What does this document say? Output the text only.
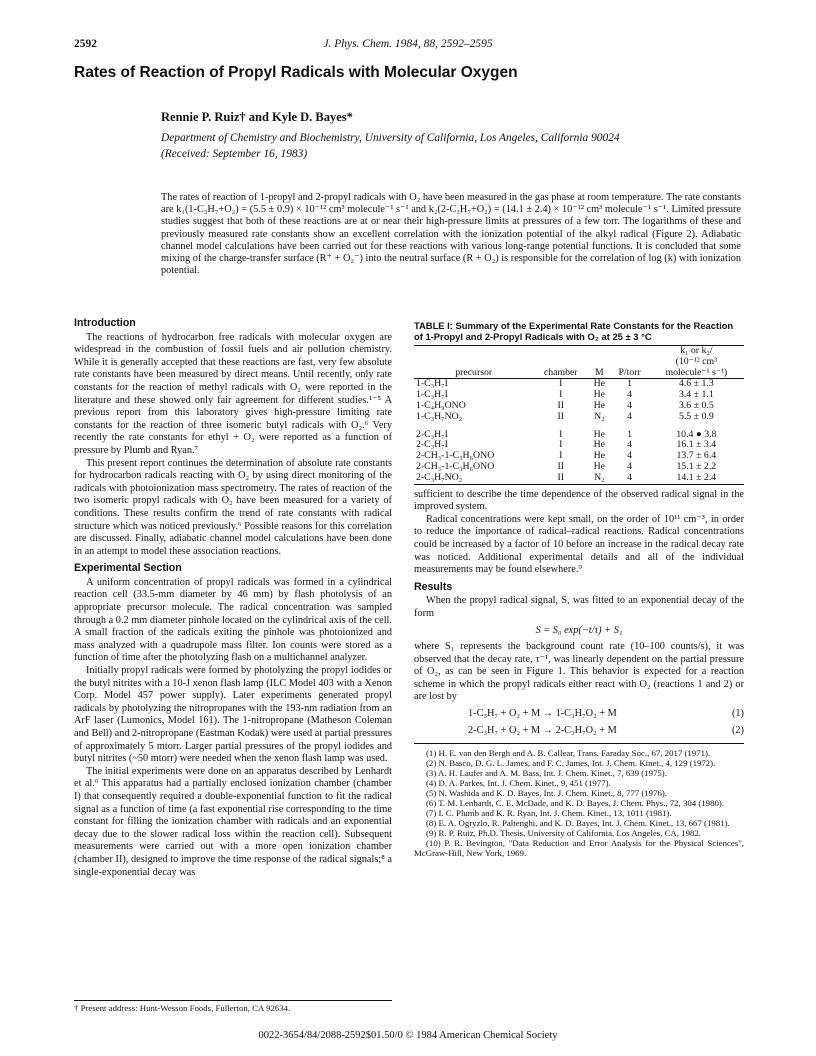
2592	J. Phys. Chem. 1984, 88, 2592–2595
Rates of Reaction of Propyl Radicals with Molecular Oxygen
Rennie P. Ruiz† and Kyle D. Bayes*
Department of Chemistry and Biochemistry, University of California, Los Angeles, California 90024
(Received: September 16, 1983)
The rates of reaction of 1-propyl and 2-propyl radicals with O₂ have been measured in the gas phase at room temperature. The rate constants are k₁(1-C₃H₇+O₂) = (5.5 ± 0.9) × 10⁻¹² cm³ molecule⁻¹ s⁻¹ and k₂(2-C₃H₇+O₂) = (14.1 ± 2.4) × 10⁻¹² cm³ molecule⁻¹ s⁻¹. Limited pressure studies suggest that both of these reactions are at or near their high-pressure limits at pressures of a few torr. The logarithms of these and previously measured rate constants show an excellent correlation with the ionization potential of the alkyl radical (Figure 2). Adiabatic channel model calculations have been carried out for these reactions with various long-range potential functions. It is concluded that some mixing of the charge-transfer surface (R⁺ + O₂⁻) into the neutral surface (R + O₂) is responsible for the correlation of log (k) with ionization potential.
Introduction

The reactions of hydrocarbon free radicals with molecular oxygen are widespread in the combustion of fossil fuels and air pollution chemistry. While it is generally accepted that these reactions are fast, very few absolute rate constants have been measured by direct means. Until recently, only rate constants for the reaction of methyl radicals with O₂ were reported in the literature and these showed only fair agreement for different studies.¹⁻⁵ A previous report from this laboratory gives high-pressure limiting rate constants for the reaction of three isomeric butyl radicals with O₂.⁶ Very recently the rate constants for ethyl + O₂ were reported as a function of pressure by Plumb and Ryan.⁷

This present report continues the determination of absolute rate constants for hydrocarbon radicals reacting with O₂ by using direct monitoring of the radicals with photoionization mass spectrometry. The rates of reaction of the two isomeric propyl radicals with O₂ have been measured for a variety of conditions. These results confirm the trend of rate constants with radical structure which was noticed previously.⁶ Possible reasons for this correlation are discussed. Finally, adiabatic channel model calculations have been done in an attempt to model these association reactions.

Experimental Section

A uniform concentration of propyl radicals was formed in a cylindrical reaction cell (33.5-mm diameter by 46 mm) by flash photolysis of an appropriate precursor molecule. The radical concentration was sampled through a 0.2 mm diameter pinhole located on the cylindrical axis of the cell. A small fraction of the radicals exiting the pinhole was photoionized and mass analyzed with a quadrupole mass filter. Ion counts were stored as a function of time after the photolyzing flash on a multichannel analyzer.

Initially propyl radicals were formed by photolyzing the propyl iodides or the butyl nitrites with a 10-J xenon flash lamp (ILC Model 403 with a Xenon Corp. Model 457 power supply). Later experiments generated propyl radicals by photolyzing the nitropropanes with the 193-nm radiation from an ArF laser (Lumonics, Model 161). The 1-nitropropane (Matheson Coleman and Bell) and 2-nitropropane (Eastman Kodak) were used at partial pressures of approximately 5 mtorr. Larger partial pressures of the propyl iodides and butyl nitrites (~50 mtorr) were needed when the xenon flash lamp was used.

The initial experiments were done on an apparatus described by Lenhardt et al.⁶ This apparatus had a partially enclosed ionization chamber (chamber I) that consequently required a double-exponential function to fit the radical signal as a function of time (a fast exponential rise corresponding to the time constant for filling the ionization chamber with radicals and an exponential decay due to the slower radical loss within the reaction cell). Subsequent measurements were carried out with a more open ionization chamber (chamber II), designed to improve the time response of the radical signals;⁸ a single-exponential decay was

TABLE I: Summary of the Experimental Rate Constants for the Reaction of 1-Propyl and 2-Propyl Radicals with O₂ at 25 ± 3 °C
				k₁ or k₂/
				(10⁻¹² cm³
precursor	chamber	M	P/torr	molecule⁻¹ s⁻¹)
1-C₃H₇I	I	He	1	4.6 ± 1.3
1-C₃H₇I	I	He	4	3.4 ± 1.1
1-C₄H₉ONO	II	He	4	3.6 ± 0.5
1-C₃H₇NO₂	II	N₂	4	5.5 ± 0.9

2-C₃H₇I	I	He	1	10.4 ● 3.8
2-C₃H₇I	I	He	4	16.1 ± 3.4
2-CH₃-1-C₃H₆ONO	I	He	4	13.7 ± 6.4
2-CH₃-1-C₃H₆ONO	II	He	4	15.1 ± 2.2
2-C₃H₇NO₂	II	N₂	4	14.1 ± 2.4

sufficient to describe the time dependence of the observed radical signal in the improved system.

Radical concentrations were kept small, on the order of 10¹¹ cm⁻³, in order to reduce the importance of radical–radical reactions. Radical concentrations could be increased by a factor of 10 before an increase in the radical decay rate was noticed. Additional experimental details and all of the individual measurements may be found elsewhere.⁹

Results

When the propyl radical signal, S, was fitted to an exponential decay of the form

S = S₀ exp(−t/τ) + S₁

where S₁ represents the background count rate (10–100 counts/s), it was observed that the decay rate, τ⁻¹, was linearly dependent on the partial pressure of O₂, as can be seen in Figure 1. This behavior is expected for a reaction scheme in which the propyl radicals either react with O₂ (reactions 1 and 2) or are lost by

1-C₃H₇ + O₂ + M → 1-C₃H₇O₂ + M	(1)
2-C₃H₇ + O₂ + M → 2-C₃H₇O₂ + M	(2)
(1) H. E. van den Bergh and A. B. Callear, Trans. Faraday Soc., 67, 2017 (1971).
(2) N. Basco, D. G. L. James, and F. C. James, Int. J. Chem. Kinet., 4, 129 (1972).
(3) A. H. Laufer and A. M. Bass, Int. J. Chem. Kinet., 7, 639 (1975).
(4) D. A. Parkes, Int. J. Chem. Kinet., 9, 451 (1977).
(5) N. Washida and K. D. Bayes, Int. J. Chem. Kinet., 8, 777 (1976).
(6) T. M. Lenhardt, C. E. McDade, and K. D. Bayes, J. Chem. Phys., 72, 304 (1980).
(7) I. C. Plumb and K. R. Ryan, Int. J. Chem. Kinet., 13, 1011 (1981).
(8) E. A. Ogryzlo, R. Paltenghi, and K. D. Bayes, Int. J. Chem. Kinet., 13, 667 (1981).
(9) R. P. Ruiz, Ph.D. Thesis, University of California, Los Angeles, CA, 1982.
(10) P. R. Bevington, "Data Reduction and Error Analysis for the Physical Sciences", McGraw-Hill, New York, 1969.
† Present address: Hunt-Wesson Foods, Fullerton, CA 92634.
0022-3654/84/2088-2592$01.50/0 © 1984 American Chemical Society
